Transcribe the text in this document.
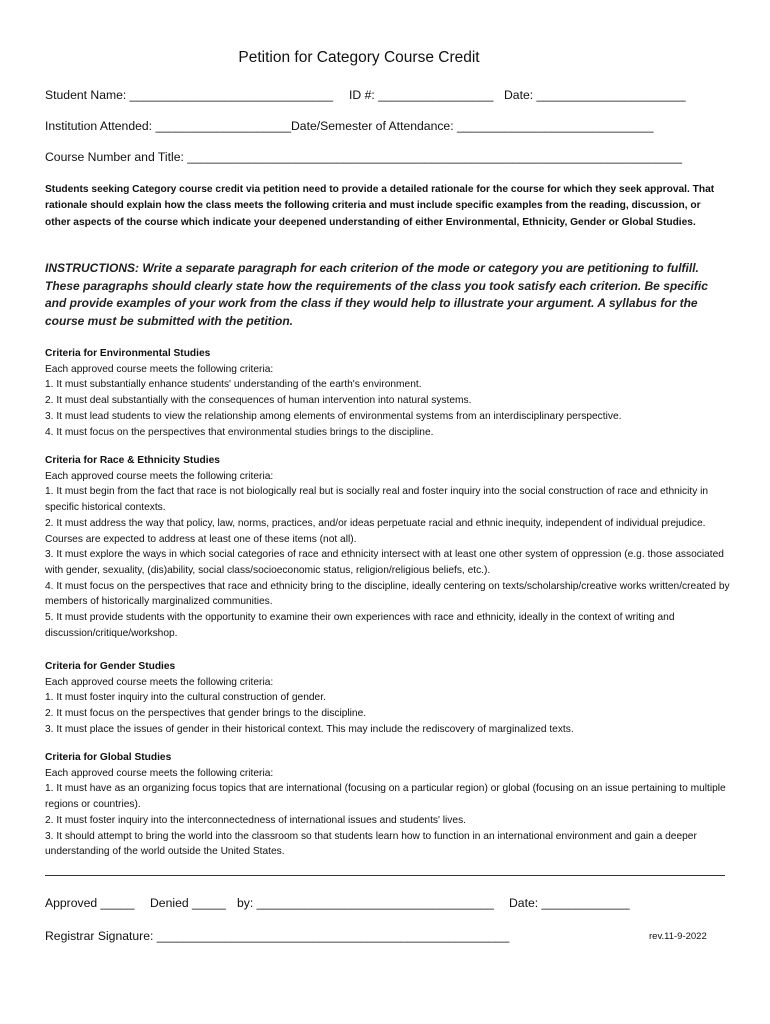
Petition for Category Course Credit
Student Name: ______________________________ ID #: _________________ Date: ______________________
Institution Attended: ____________________Date/Semester of Attendance: _____________________________
Course Number and Title: _________________________________________________________________________
Students seeking Category course credit via petition need to provide a detailed rationale for the course for which they seek approval. That rationale should explain how the class meets the following criteria and must include specific examples from the reading, discussion, or other aspects of the course which indicate your deepened understanding of either Environmental, Ethnicity, Gender or Global Studies.
INSTRUCTIONS: Write a separate paragraph for each criterion of the mode or category you are petitioning to fulfill. These paragraphs should clearly state how the requirements of the class you took satisfy each criterion. Be specific and provide examples of your work from the class if they would help to illustrate your argument. A syllabus for the course must be submitted with the petition.

Criteria for Environmental Studies

Each approved course meets the following criteria:

1. It must substantially enhance students' understanding of the earth's environment.

2. It must deal substantially with the consequences of human intervention into natural systems.

3. It must lead students to view the relationship among elements of environmental systems from an interdisciplinary perspective.

4. It must focus on the perspectives that environmental studies brings to the discipline.

Criteria for Race & Ethnicity Studies

Each approved course meets the following criteria:

1. It must begin from the fact that race is not biologically real but is socially real and foster inquiry into the social construction of race and ethnicity in specific historical contexts.

2. It must address the way that policy, law, norms, practices, and/or ideas perpetuate racial and ethnic inequity, independent of individual prejudice. Courses are expected to address at least one of these items (not all).

3. It must explore the ways in which social categories of race and ethnicity intersect with at least one other system of oppression (e.g. those associated with gender, sexuality, (dis)ability, social class/socioeconomic status, religion/religious beliefs, etc.).

4. It must focus on the perspectives that race and ethnicity bring to the discipline, ideally centering on texts/scholarship/creative works written/created by members of historically marginalized communities.

5. It must provide students with the opportunity to examine their own experiences with race and ethnicity, ideally in the context of writing and discussion/critique/workshop.

Criteria for Gender Studies

Each approved course meets the following criteria:

1. It must foster inquiry into the cultural construction of gender.

2. It must focus on the perspectives that gender brings to the discipline.

3. It must place the issues of gender in their historical context. This may include the rediscovery of marginalized texts.

Criteria for Global Studies

Each approved course meets the following criteria:

1. It must have as an organizing focus topics that are international (focusing on a particular region) or global (focusing on an issue pertaining to multiple regions or countries).

2. It must foster inquiry into the interconnectedness of international issues and students' lives.

3. It should attempt to bring the world into the classroom so that students learn how to function in an international environment and gain a deeper understanding of the world outside the United States.

Approved _____ Denied _____ by: ___________________________________ Date: _____________
Registrar Signature: ____________________________________________________	rev.11-9-2022
